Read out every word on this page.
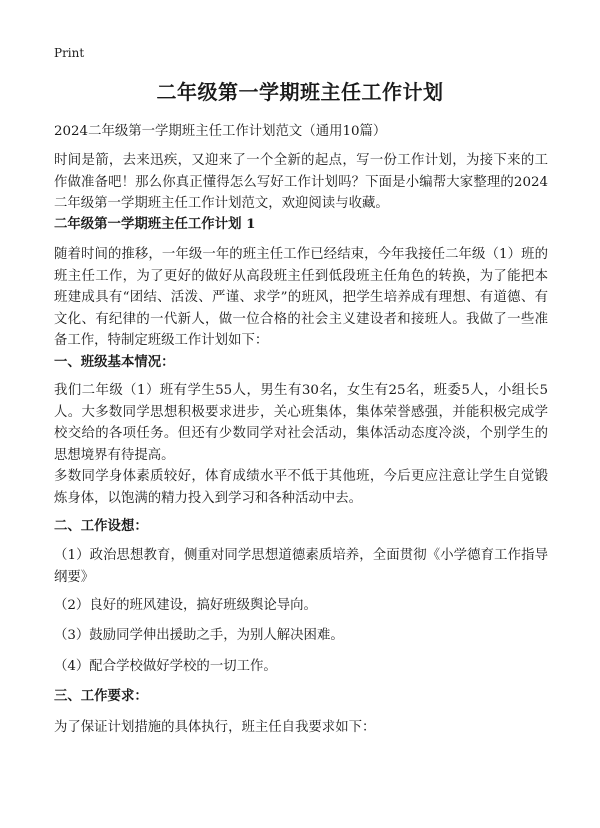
Print
二年级第一学期班主任工作计划

2024二年级第一学期班主任工作计划范文（通用10篇）

时间是箭，去来迅疾，又迎来了一个全新的起点，写一份工作计划，为接下来的工作做准备吧！那么你真正懂得怎么写好工作计划吗？下面是小编帮大家整理的2024二年级第一学期班主任工作计划范文，欢迎阅读与收藏。

二年级第一学期班主任工作计划 1

随着时间的推移，一年级一年的班主任工作已经结束，今年我接任二年级（1）班的班主任工作，为了更好的做好从高段班主任到低段班主任角色的转换，为了能把本班建成具有“团结、活泼、严谨、求学”的班风，把学生培养成有理想、有道德、有文化、有纪律的一代新人，做一位合格的社会主义建设者和接班人。我做了一些准备工作，特制定班级工作计划如下：

一、班级基本情况：

我们二年级（1）班有学生55人，男生有30名，女生有25名，班委5人，小组长5人。大多数同学思想积极要求进步，关心班集体，集体荣誉感强，并能积极完成学校交给的各项任务。但还有少数同学对社会活动，集体活动态度冷淡，个别学生的思想境界有待提高。

多数同学身体素质较好，体育成绩水平不低于其他班，今后更应注意让学生自觉锻炼身体，以饱满的精力投入到学习和各种活动中去。

二、工作设想：

（1）政治思想教育，侧重对同学思想道德素质培养，全面贯彻《小学德育工作指导纲要》

（2）良好的班风建设，搞好班级舆论导向。

（3）鼓励同学伸出援助之手，为别人解决困难。

（4）配合学校做好学校的一切工作。

三、工作要求：

为了保证计划措施的具体执行，班主任自我要求如下：
